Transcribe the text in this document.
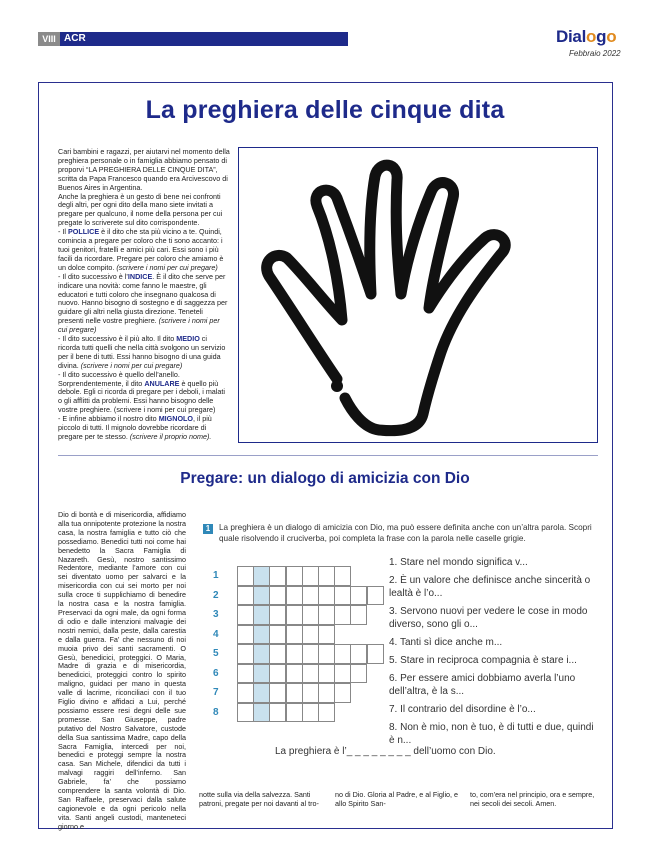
VIII ACR	Dialogo
Febbraio 2022
La preghiera delle cinque dita

Cari bambini e ragazzi, per aiutarvi nel momento della preghiera personale o in famiglia abbiamo pensato di proporvi “LA PREGHIERA DELLE CINQUE DITA”, scritta da Papa Francesco quando era Arcivescovo di Buenos Aires in Argentina.

Anche la preghiera è un gesto di bene nei confronti degli altri, per ogni dito della mano siete invitati a pregare per qualcuno, il nome della persona per cui pregate lo scriverete sul dito corrispondente.

- Il POLLICE è il dito che sta più vicino a te. Quindi, comincia a pregare per coloro che ti sono accanto: i tuoi genitori, fratelli e amici più cari. Essi sono i più facili da ricordare. Pregare per coloro che amiamo è un dolce compito. (scrivere i nomi per cui pregare)

- Il dito successivo è l’INDICE. È il dito che serve per indicare una novità: come fanno le maestre, gli educatori e tutti coloro che insegnano qualcosa di nuovo. Hanno bisogno di sostegno e di saggezza per guidare gli altri nella giusta direzione. Teneteli presenti nelle vostre preghiere. (scrivere i nomi per cui pregare)

- Il dito successivo è il più alto. Il dito MEDIO ci ricorda tutti quelli che nella città svolgono un servizio per il bene di tutti. Essi hanno bisogno di una guida divina. (scrivere i nomi per cui pregare)

- Il dito successivo è quello dell’anello. Sorprendentemente, il dito ANULARE è quello più debole. Egli ci ricorda di pregare per i deboli, i malati o gli afflitti da problemi. Essi hanno bisogno delle vostre preghiere. (scrivere i nomi per cui pregare)

- E infine abbiamo il nostro dito MIGNOLO, il più piccolo di tutti. Il mignolo dovrebbe ricordare di pregare per te stesso. (scrivere il proprio nome).

Pregare: un dialogo di amicizia con Dio
Dio di bontà e di misericordia, affidiamo alla tua onnipotente protezione la nostra casa, la nostra famiglia e tutto ciò che possediamo. Benedici tutti noi come hai benedetto la Sacra Famiglia di Nazareth. Gesù, nostro santissimo Redentore, mediante l’amore con cui sei diventato uomo per salvarci e la misericordia con cui sei morto per noi sulla croce ti supplichiamo di benedire la nostra casa e la nostra famiglia. Preservaci da ogni male, da ogni forma di odio e dalle intenzioni malvagie dei nostri nemici, dalla peste, dalla carestia e dalla guerra. Fa’ che nessuno di noi muoia privo dei santi sacramenti. O Gesù, benedicici, proteggici. O Maria, Madre di grazia e di misericordia, benedicici, proteggici contro lo spirito maligno, guidaci per mano in questa valle di lacrime, riconciliaci con il tuo Figlio divino e affidaci a Lui, perché possiamo essere resi degni delle sue promesse. San Giuseppe, padre putativo del Nostro Salvatore, custode della Sua santissima Madre, capo della Sacra Famiglia, intercedi per noi, benedici e proteggi sempre la nostra casa. San Michele, difendici da tutti i malvagi raggiri dell’inferno. San Gabriele, fa’ che possiamo comprendere la santa volontà di Dio. San Raffaele, preservaci dalla salute cagionevole e da ogni pericolo nella vita. Santi angeli custodi, manteneteci giorno e
1	La preghiera è un dialogo di amicizia con Dio, ma può essere definita anche con un’altra parola. Scopri quale risolvendo il cruciverba, poi completa la frase con la parola nelle caselle grigie.
1
2
3
4
5
6
7
8
1. Stare nel mondo significa v...
2. È un valore che definisce anche sincerità o lealtà è l’o...
3. Servono nuovi per vedere le cose in modo diverso, sono gli o...
4. Tanti sì dice anche m...
5. Stare in reciproca compagnia è stare i...
6. Per essere amici dobbiamo averla l’uno dell’altra, è la s...
7. Il contrario del disordine è l’o...
8. Non è mio, non è tuo, è di tutti e due, quindi è n...
La preghiera è l’_ _ _ _ _ _ _ _ dell’uomo con Dio.
notte sulla via della salvezza. Santi patroni, pregate per noi davanti al tro-
no di Dio. Gloria al Padre, e al Figlio, e allo Spirito San-
to, com’era nel principio, ora e sempre, nei secoli dei secoli. Amen.
